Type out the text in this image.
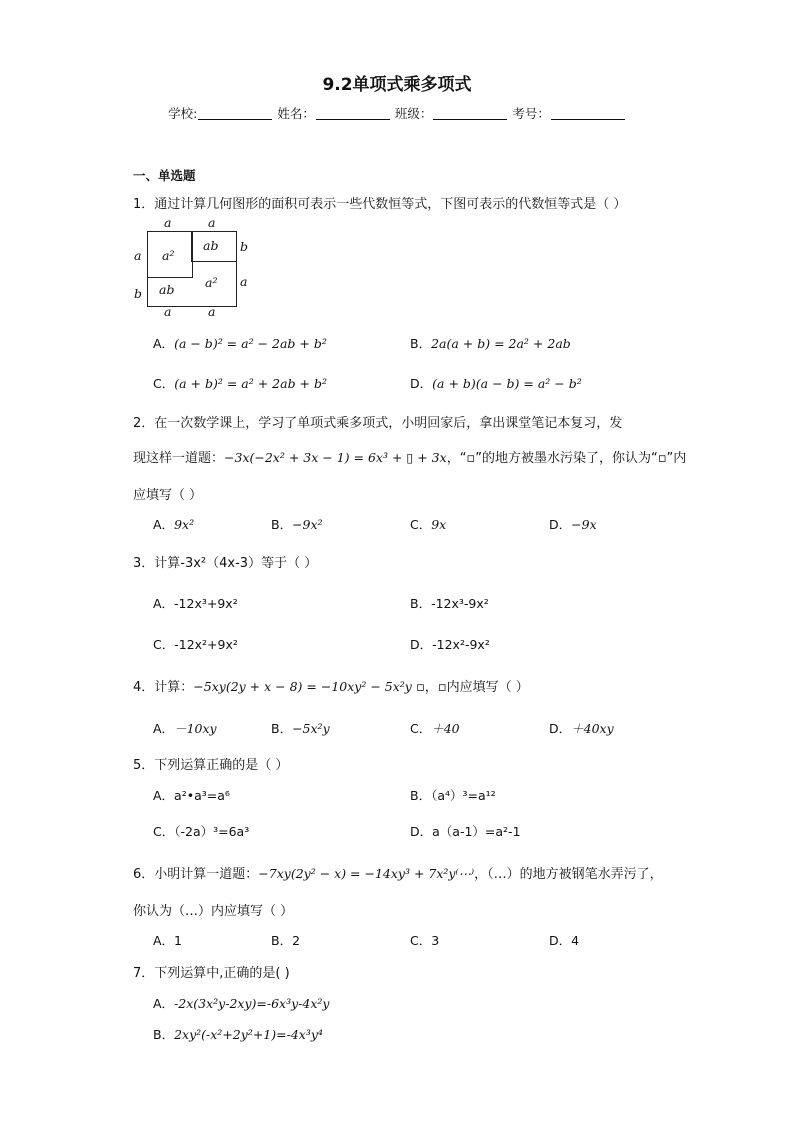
9.2单项式乘多项式
学校:	姓名：	班级：	考号：
一、单选题
1．通过计算几何图形的面积可表示一些代数恒等式，下图可表示的代数恒等式是（ ）
a	a
a
b
b
a
a²
ab
ab
a²
a	a
A．(a − b)² = a² − 2ab + b²	B．2a(a + b) = 2a² + 2ab
C．(a + b)² = a² + 2ab + b²	D．(a + b)(a − b) = a² − b²
2．在一次数学课上，学习了单项式乘多项式，小明回家后，拿出课堂笔记本复习，发
现这样一道题：−3x(−2x² + 3x − 1) = 6x³ + ▯ + 3x，“▫”的地方被墨水污染了，你认为“▫”内
应填写（ ）
A．9x²	B．−9x²	C．9x	D．−9x
3．计算-3x²（4x-3）等于（ ）
A．-12x³+9x²	B．-12x³-9x²
C．-12x²+9x²	D．-12x²-9x²
4．计算：−5xy(2y + x − 8) = −10xy² − 5x²y ▫，▫内应填写（ ）
A．－10xy	B．−5x²y	C．＋40	D．＋40xy
5．下列运算正确的是（ ）
A．a²•a³=a⁶	B．（a⁴）³=a¹²
C．（-2a）³=6a³	D．a（a-1）=a²-1
6．小明计算一道题：−7xy(2y² − x) = −14xy³ + 7x²y⁽⋯⁾，（…）的地方被钢笔水弄污了，
你认为（…）内应填写（ ）
A．1	B．2	C．3	D．4
7．下列运算中,正确的是( )
A．-2x(3x²y-2xy)=-6x³y-4x²y
B．2xy²(-x²+2y²+1)=-4x³y⁴
